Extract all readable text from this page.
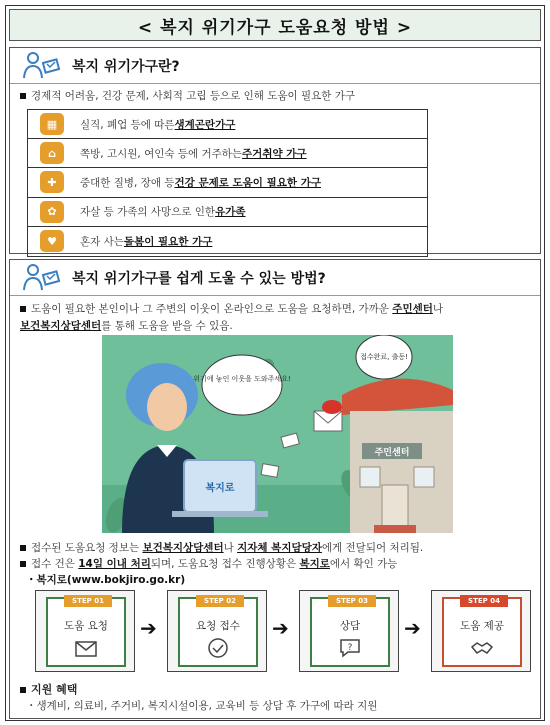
< 복지 위기가구 도움요청 방법 >
복지 위기가구란?
경제적 어려움, 건강 문제, 사회적 고립 등으로 인해 도움이 필요한 가구
▦	실직, 폐업 등에 따른 생계곤란가구
⌂	쪽방, 고시원, 여인숙 등에 거주하는 주거취약 가구
✚	중대한 질병, 장애 등 건강 문제로 도움이 필요한 가구
✿	자살 등 가족의 사망으로 인한 유가족
♥	혼자 사는 돌봄이 필요한 가구
복지 위기가구를 쉽게 도울 수 있는 방법?
도움이 필요한 본인이나 그 주변의 이웃이 온라인으로 도움을 요청하면, 가까운 주민센터나
보건복지상담센터를 통해 도움을 받을 수 있음.
복지로
위기에 놓인 이웃을 도와주세요!
접수완료, 출동!
주민센터
접수된 도움요청 정보는 보건복지상담센터나 지자체 복지담당자에게 전달되어 처리됨.
접수 건은 14일 이내 처리되며, 도움요청 접수 진행상황은 복지로에서 확인 가능
・복지로(www.bokjiro.go.kr)
STEP 01
도움 요청	➔
STEP 02
요청 접수	➔
STEP 03
상담
?
➔
STEP 04
도움 제공
지원 혜택
・생계비, 의료비, 주거비, 복지시설이용, 교육비 등 상담 후 가구에 따라 지원
